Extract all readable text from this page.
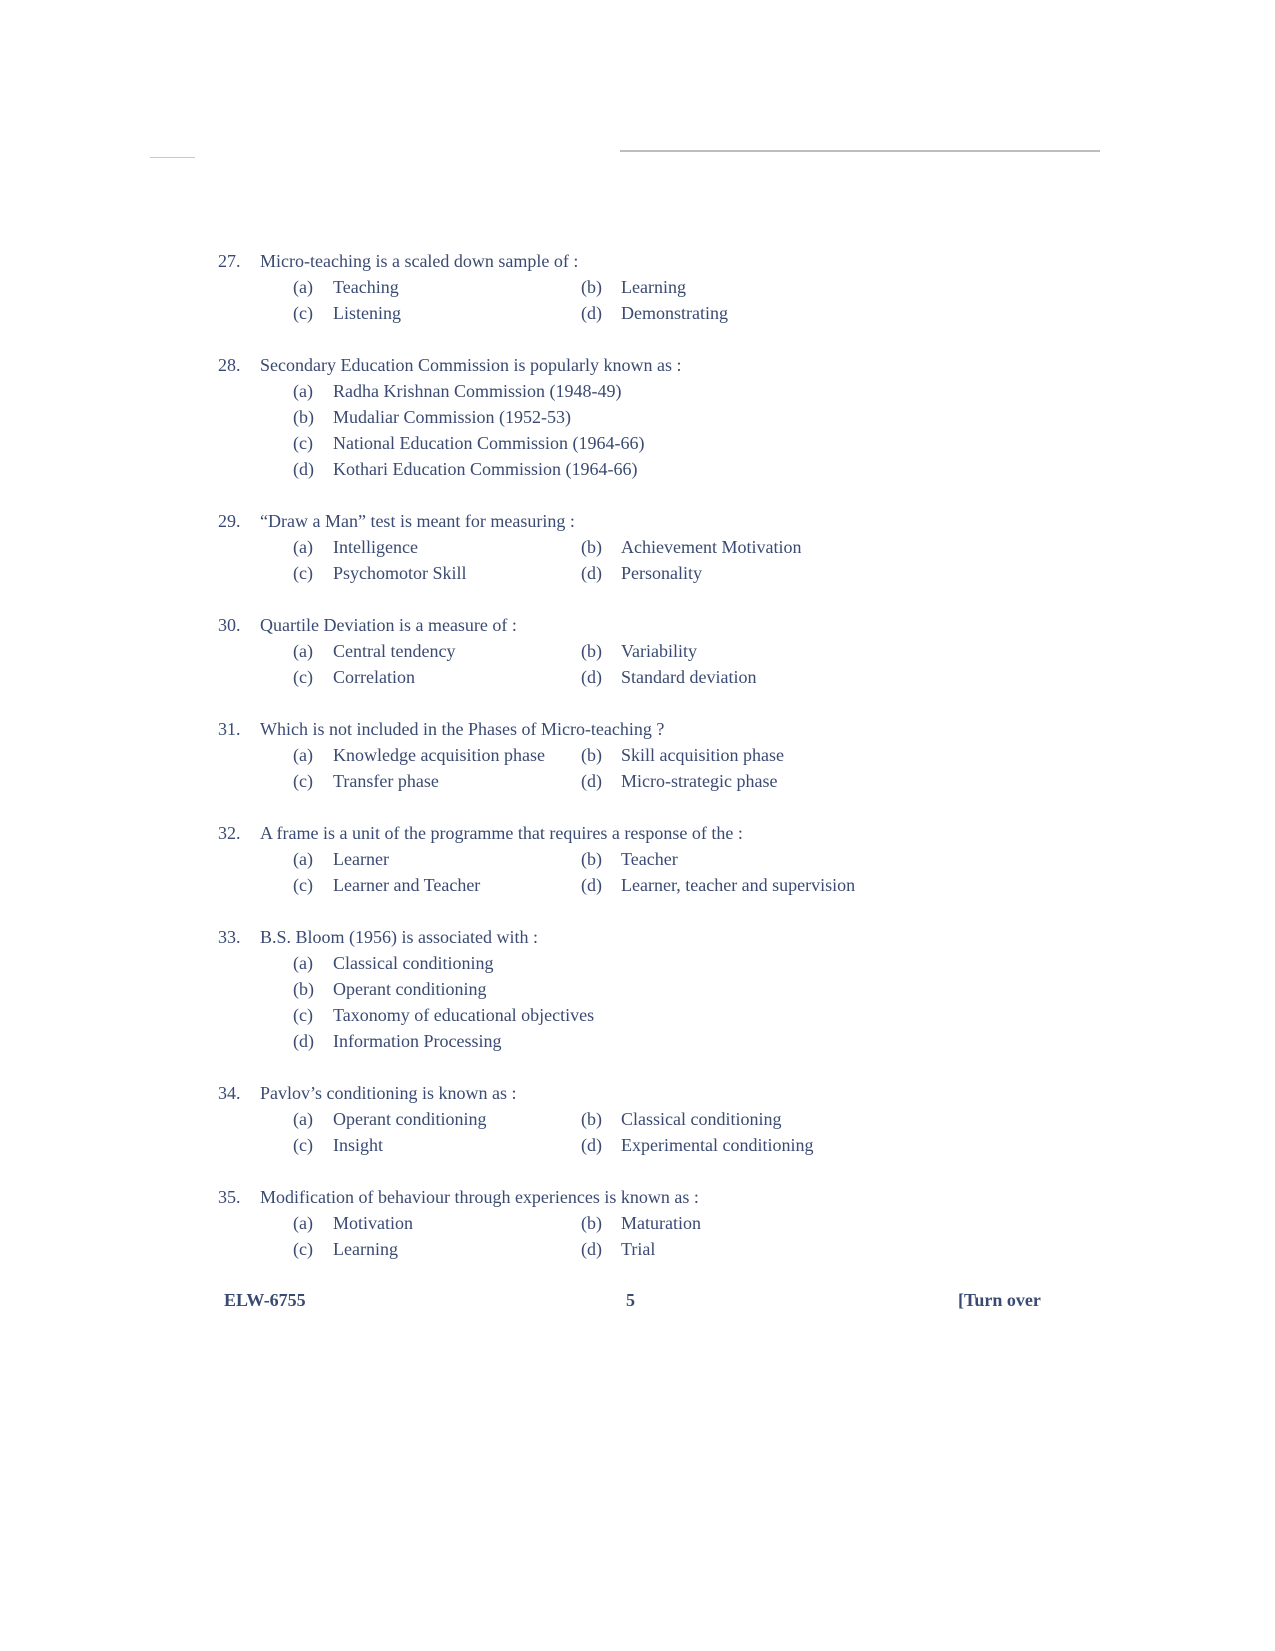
27.	Micro-teaching is a scaled down sample of :
(a)	Teaching	(b)	Learning
(c)	Listening	(d)	Demonstrating
28.	Secondary Education Commission is popularly known as :
(a)	Radha Krishnan Commission (1948-49)
(b)	Mudaliar Commission (1952-53)
(c)	National Education Commission (1964-66)
(d)	Kothari Education Commission (1964-66)
29.	“Draw a Man” test is meant for measuring :
(a)	Intelligence	(b)	Achievement Motivation
(c)	Psychomotor Skill	(d)	Personality
30.	Quartile Deviation is a measure of :
(a)	Central tendency	(b)	Variability
(c)	Correlation	(d)	Standard deviation
31.	Which is not included in the Phases of Micro-teaching ?
(a)	Knowledge acquisition phase	(b)	Skill acquisition phase
(c)	Transfer phase	(d)	Micro-strategic phase
32.	A frame is a unit of the programme that requires a response of the :
(a)	Learner	(b)	Teacher
(c)	Learner and Teacher	(d)	Learner, teacher and supervision
33.	B.S. Bloom (1956) is associated with :
(a)	Classical conditioning
(b)	Operant conditioning
(c)	Taxonomy of educational objectives
(d)	Information Processing
34.	Pavlov’s conditioning is known as :
(a)	Operant conditioning	(b)	Classical conditioning
(c)	Insight	(d)	Experimental conditioning
35.	Modification of behaviour through experiences is known as :
(a)	Motivation	(b)	Maturation
(c)	Learning	(d)	Trial
ELW-6755	5	[Turn over
